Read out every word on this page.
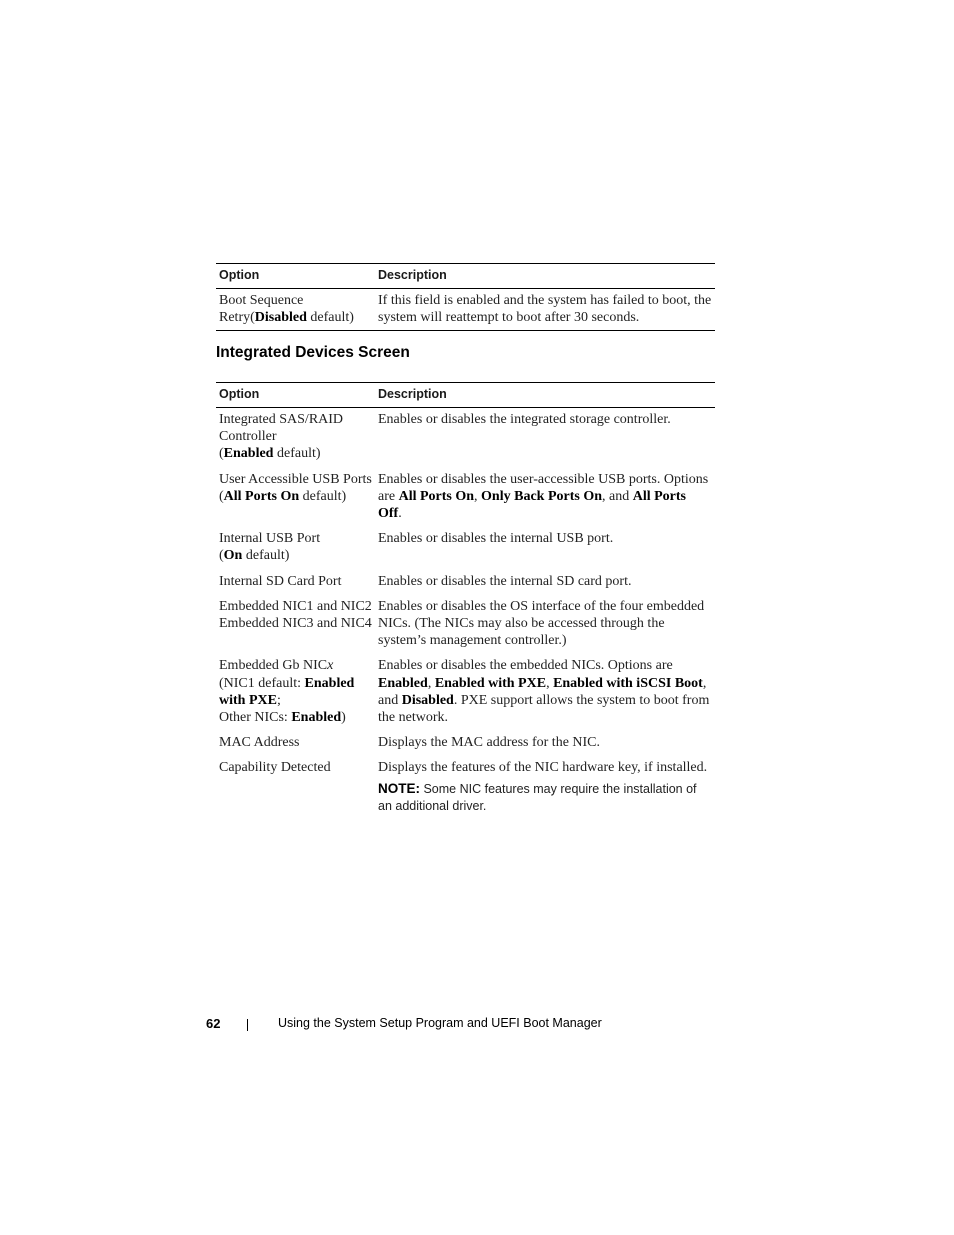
Option	Description
Boot Sequence Retry(Disabled default)	If this field is enabled and the system has failed to boot, the system will reattempt to boot after 30 seconds.
Integrated Devices Screen
Option	Description
Integrated SAS/RAID Controller
(Enabled default)	Enables or disables the integrated storage controller.
User Accessible USB Ports
(All Ports On default)	Enables or disables the user-accessible USB ports. Options are All Ports On, Only Back Ports On, and All Ports Off.
Internal USB Port
(On default)	Enables or disables the internal USB port.
Internal SD Card Port	Enables or disables the internal SD card port.
Embedded NIC1 and NIC2
Embedded NIC3 and NIC4	Enables or disables the OS interface of the four embedded NICs. (The NICs may also be accessed through the system’s management controller.)
Embedded Gb NICx
(NIC1 default: Enabled with PXE;
Other NICs: Enabled)	Enables or disables the embedded NICs. Options are Enabled, Enabled with PXE, Enabled with iSCSI Boot, and Disabled. PXE support allows the system to boot from the network.
MAC Address	Displays the MAC address for the NIC.
Capability Detected	Displays the features of the NIC hardware key, if installed.
NOTE: Some NIC features may require the installation of an additional driver.
62	Using the System Setup Program and UEFI Boot Manager
